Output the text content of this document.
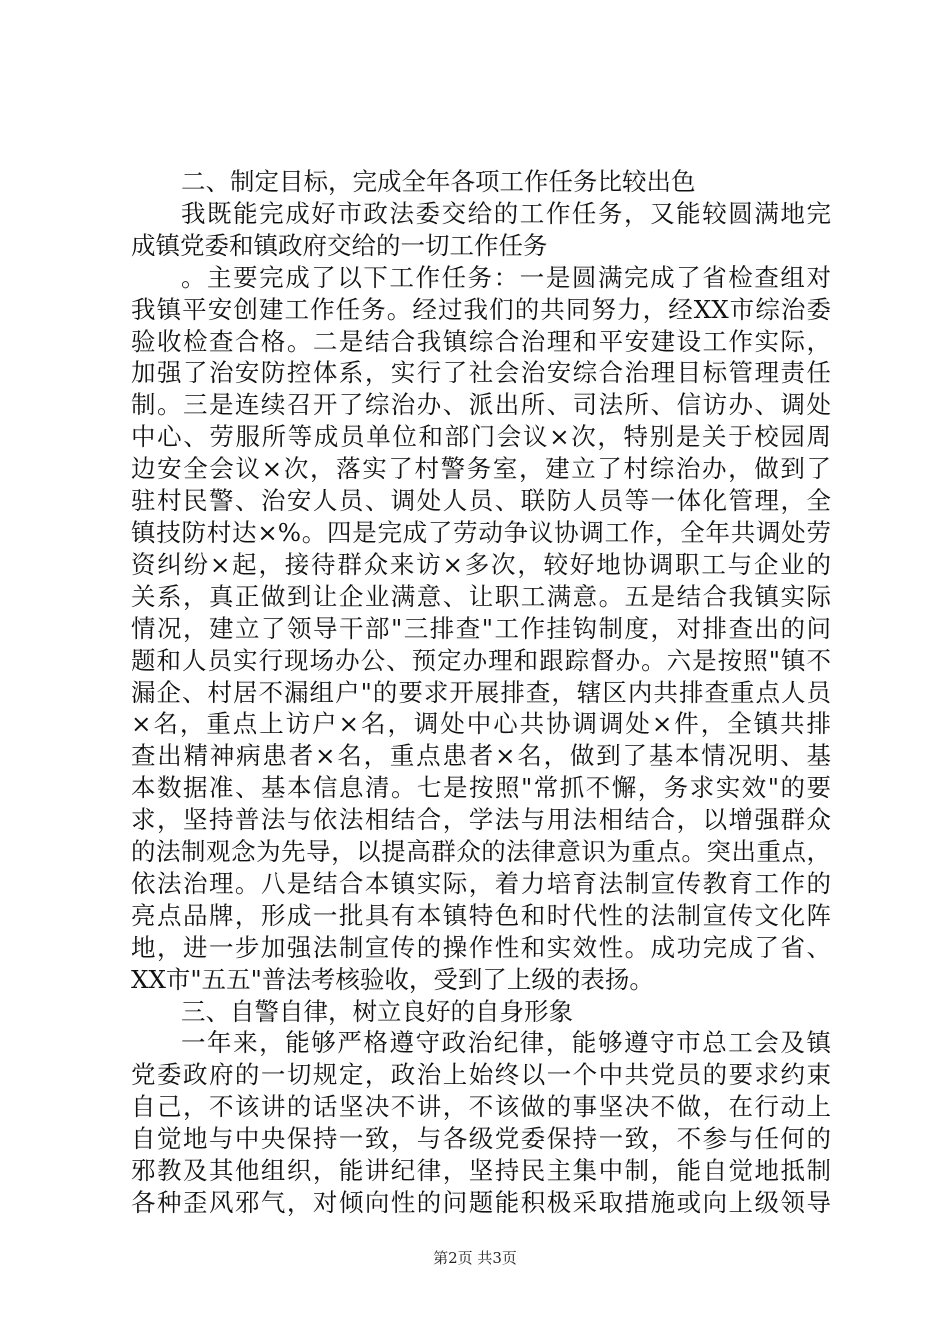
二、制定目标，完成全年各项工作任务比较出色
我既能完成好市政法委交给的工作任务，又能较圆满地完
成镇党委和镇政府交给的一切工作任务
。主要完成了以下工作任务：一是圆满完成了省检查组对
我镇平安创建工作任务。经过我们的共同努力，经XX市综治委
验收检查合格。二是结合我镇综合治理和平安建设工作实际，
加强了治安防控体系，实行了社会治安综合治理目标管理责任
制。三是连续召开了综治办、派出所、司法所、信访办、调处
中心、劳服所等成员单位和部门会议×次，特别是关于校园周
边安全会议×次，落实了村警务室，建立了村综治办，做到了
驻村民警、治安人员、调处人员、联防人员等一体化管理，全
镇技防村达×%。四是完成了劳动争议协调工作，全年共调处劳
资纠纷×起，接待群众来访×多次，较好地协调职工与企业的
关系，真正做到让企业满意、让职工满意。五是结合我镇实际
情况，建立了领导干部"三排查"工作挂钩制度，对排查出的问
题和人员实行现场办公、预定办理和跟踪督办。六是按照"镇不
漏企、村居不漏组户"的要求开展排查，辖区内共排查重点人员
×名，重点上访户×名，调处中心共协调调处×件，全镇共排
查出精神病患者×名，重点患者×名，做到了基本情况明、基
本数据准、基本信息清。七是按照"常抓不懈，务求实效"的要
求，坚持普法与依法相结合，学法与用法相结合，以增强群众
的法制观念为先导，以提高群众的法律意识为重点。突出重点，
依法治理。八是结合本镇实际，着力培育法制宣传教育工作的
亮点品牌，形成一批具有本镇特色和时代性的法制宣传文化阵
地，进一步加强法制宣传的操作性和实效性。成功完成了省、
XX市"五五"普法考核验收，受到了上级的表扬。
三、自警自律，树立良好的自身形象
一年来，能够严格遵守政治纪律，能够遵守市总工会及镇
党委政府的一切规定，政治上始终以一个中共党员的要求约束
自己，不该讲的话坚决不讲，不该做的事坚决不做，在行动上
自觉地与中央保持一致，与各级党委保持一致，不参与任何的
邪教及其他组织，能讲纪律，坚持民主集中制，能自觉地抵制
各种歪风邪气，对倾向性的问题能积极采取措施或向上级领导
第2页 共3页
